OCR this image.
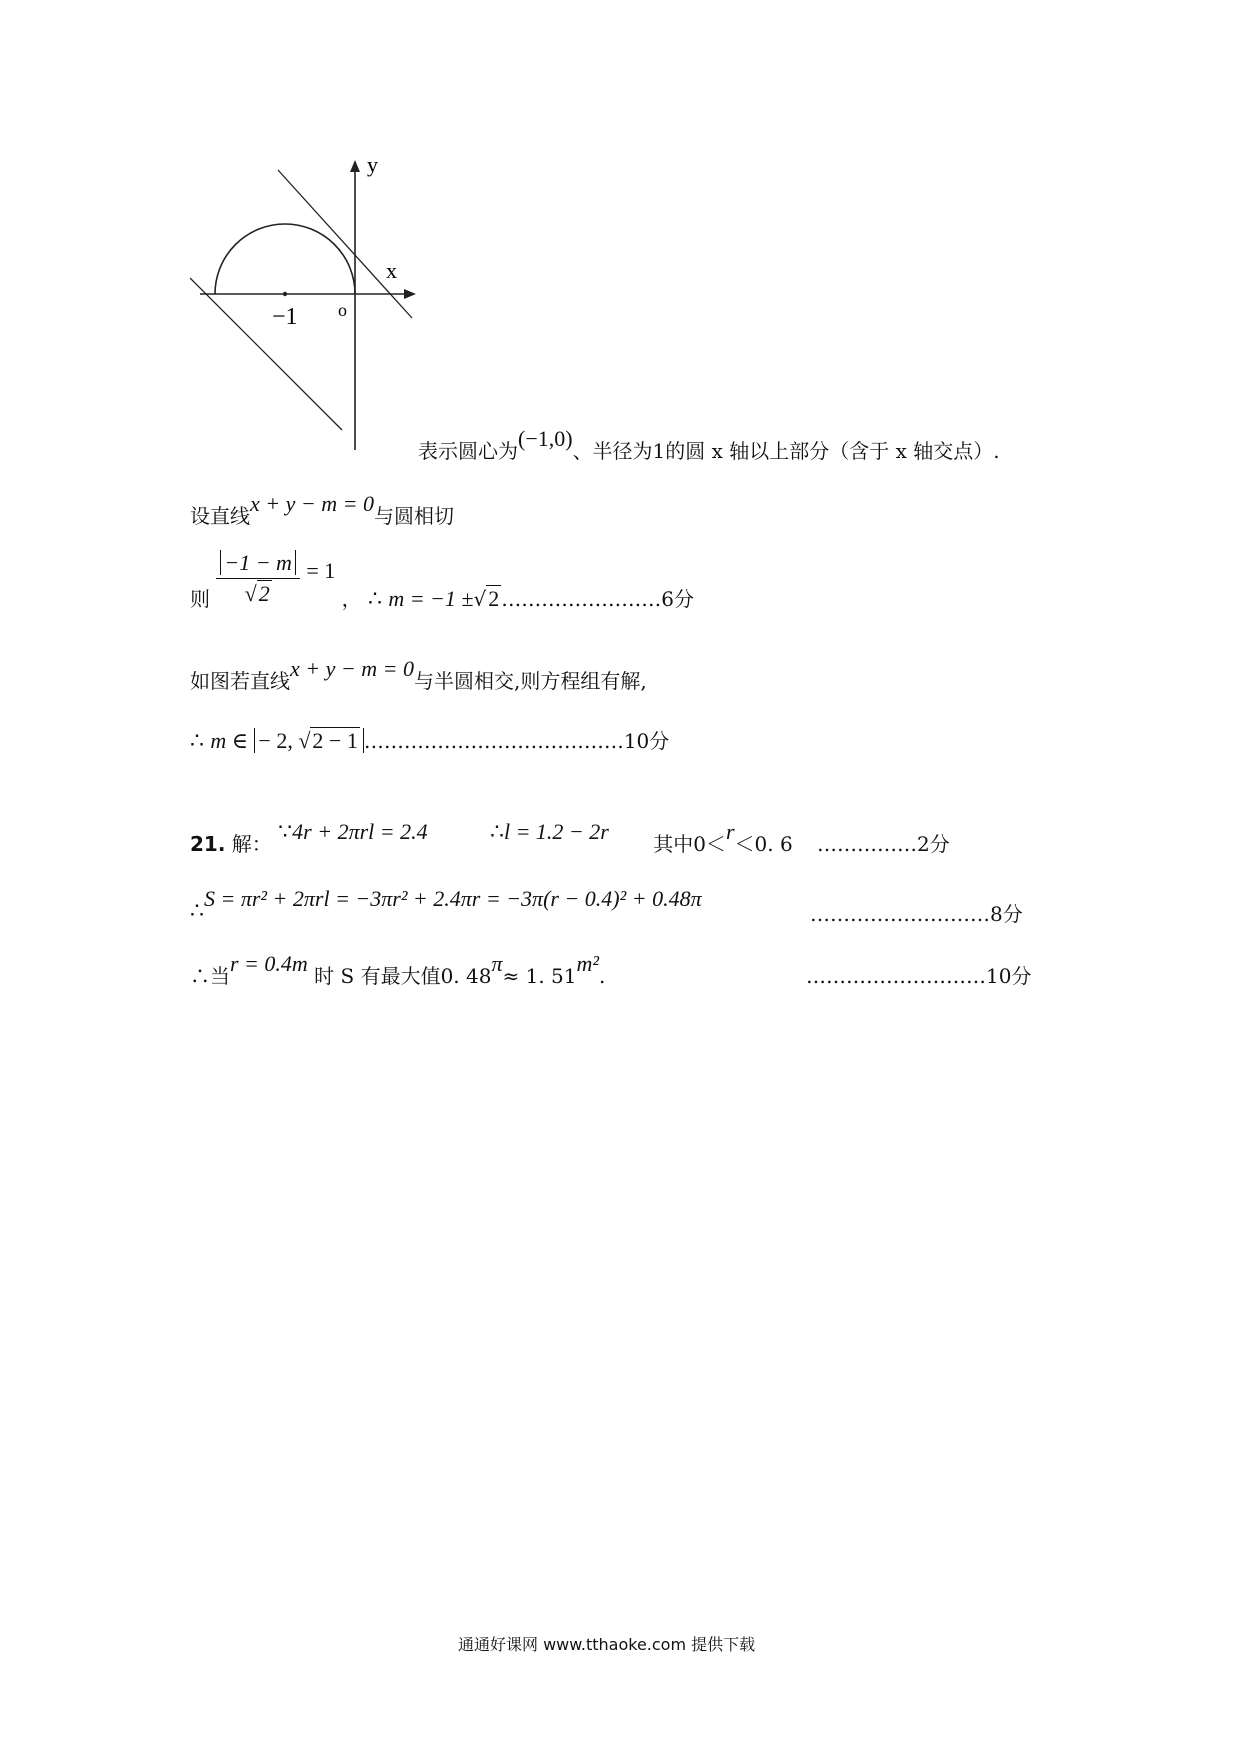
y
x
−1 o
表示圆心为(−1,0)、半径为1的圆 x 轴以上部分（含于 x 轴交点）.
设直线x + y − m = 0与圆相切
则 $\frac{-1 - m}{√2} = 1$ ， ∴ m = −1 ±√2 ……………………6分
如图若直线x + y − m = 0与半圆相交,则方程组有解,
∴ m ∈ − 2, √2 − 1 …………………………………10分
21. 解： ∵4r + 2πrl = 2.4	∴l = 1.2 − 2r 其中0＜r＜0. 6 ……………2分
∴S = πr² + 2πrl = −3πr² + 2.4πr = −3π(r − 0.4)² + 0.48π
………………………8分
∴当r = 0.4m 时 S 有最大值0. 48π≈ 1. 51m².	………………………10分
通通好课网 www.tthaoke.com 提供下载
